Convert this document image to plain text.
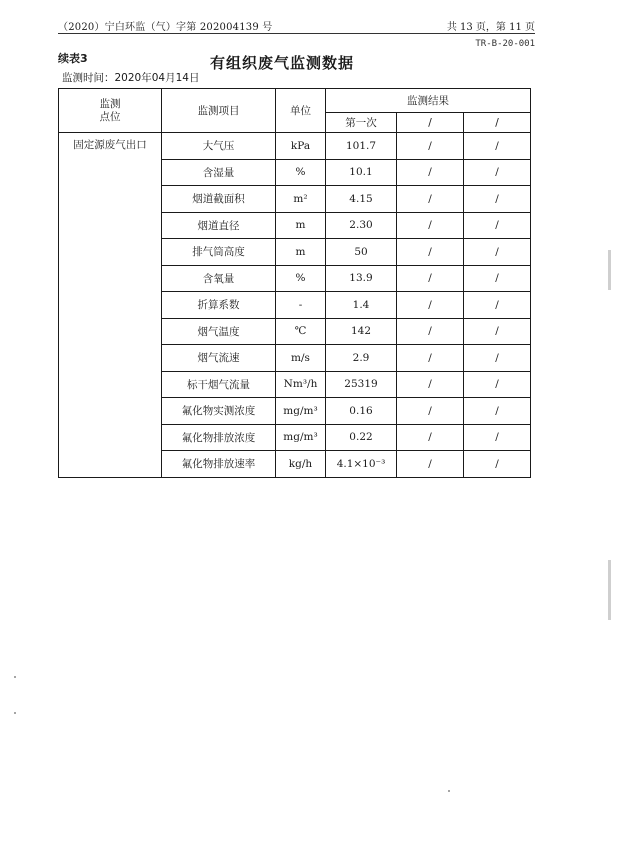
（2020）宁白环监（气）字第 202004139 号	共 13 页，第 11 页
TR-B-20-001
续表3	有组织废气监测数据
监测时间：2020年04月14日
监测
点位	监测项目	单位	监测结果		
			第一次	/	/
固定源废气出口	大气压	kPa	101.7	/	/
	含湿量	%	10.1	/	/
	烟道截面积	m²	4.15	/	/
	烟道直径	m	2.30	/	/
	排气筒高度	m	50	/	/
	含氧量	%	13.9	/	/
	折算系数	-	1.4	/	/
	烟气温度	℃	142	/	/
	烟气流速	m/s	2.9	/	/
	标干烟气流量	Nm³/h	25319	/	/
	氟化物实测浓度	mg/m³	0.16	/	/
	氟化物排放浓度	mg/m³	0.22	/	/
	氟化物排放速率	kg/h	4.1×10⁻³	/	/
